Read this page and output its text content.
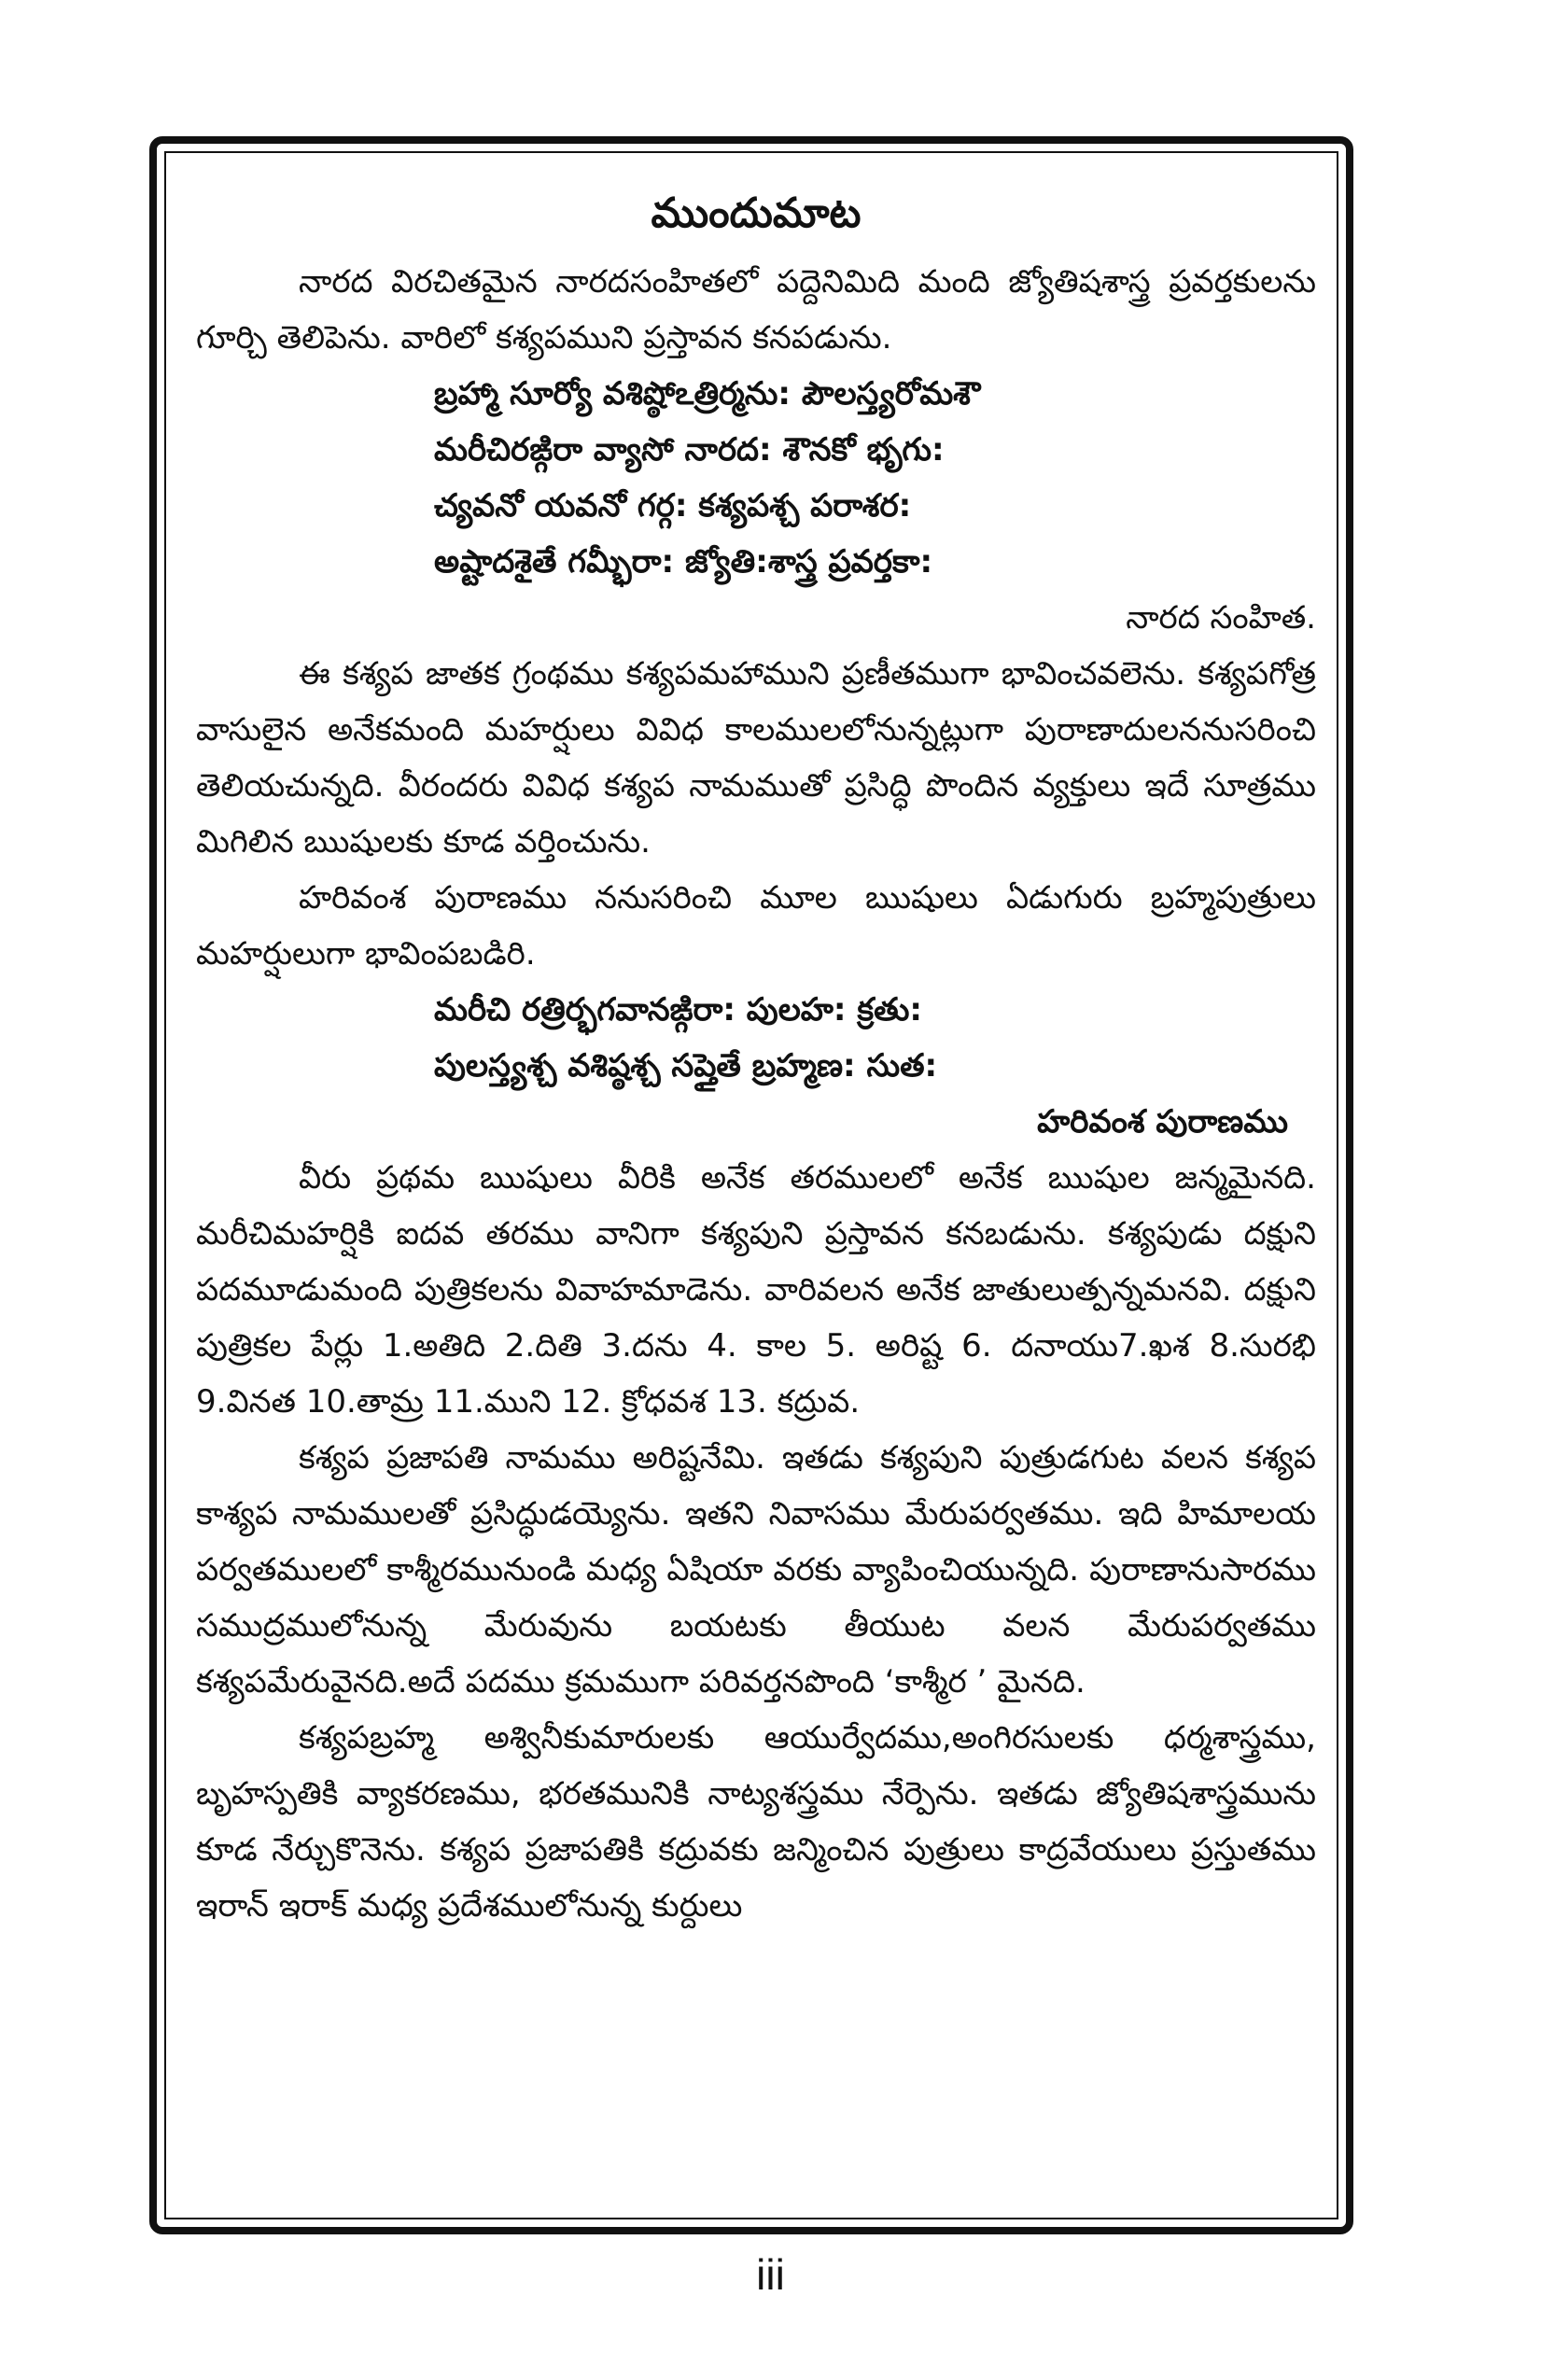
ముందుమాట

నారద విరచితమైన నారదసంహితలో పద్దెనిమిది మంది జ్యోతిషశాస్త్ర ప్రవర్తకులను గూర్చి తెలిపెను. వారిలో కశ్యపముని ప్రస్తావన కనపడును.

బ్రహ్మా సూర్యో వశిష్ఠోఽత్రిర్మను: పౌలస్త్యరోమశౌ
మరీచిరఙ్గిరా వ్యాసో నారద: శౌనకో భృగు:
చ్యవనో యవనో గర్గ: కశ్యపశ్చ పరాశర:
అష్టాదశైతే గమ్భీరా: జ్యోతి:శాస్త్ర ప్రవర్తకా:
నారద సంహిత.

ఈ కశ్యప జాతక గ్రంథము కశ్యపమహాముని ప్రణీతముగా భావించవలెను. కశ్యపగోత్ర వాసులైన అనేకమంది మహర్షులు వివిధ కాలములలోనున్నట్లుగా పురాణాదులననుసరించి తెలియచున్నది. వీరందరు వివిధ కశ్యప నామముతో ప్రసిద్ధి పొందిన వ్యక్తులు ఇదే సూత్రము మిగిలిన ఋషులకు కూడ వర్తించును.

హరివంశ పురాణము ననుసరించి మూల ఋషులు ఏడుగురు బ్రహ్మపుత్రులు మహర్షులుగా భావింపబడిరి.

మరీచి రత్రిర్భగవానఙ్గిరా: పులహ: క్రతు:
పులస్త్యశ్చ వశిష్ఠశ్చ సప్తైతే బ్రహ్మణ: సుత:
హరివంశ పురాణము

వీరు ప్రథమ ఋషులు వీరికి అనేక తరములలో అనేక ఋషుల జన్మమైనది. మరీచిమహర్షికి ఐదవ తరము వానిగా కశ్యపుని ప్రస్తావన కనబడును. కశ్యపుడు దక్షుని పదమూడుమంది పుత్రికలను వివాహమాడెను. వారివలన అనేక జాతులుత్పన్నమనవి. దక్షుని పుత్రికల పేర్లు 1.అతిది 2.దితి 3.దను 4. కాల 5. అరిష్ట 6. దనాయు7.ఖశ 8.సురభి 9.వినత 10.తామ్ర 11.ముని 12. క్రోధవశ 13. కద్రువ.

కశ్యప ప్రజాపతి నామము అరిష్టనేమి. ఇతడు కశ్యపుని పుత్రుడగుట వలన కశ్యప కాశ్యప నామములతో ప్రసిద్ధుడయ్యెను. ఇతని నివాసము మేరుపర్వతము. ఇది హిమాలయ పర్వతములలో కాశ్మీరమునుండి మధ్య ఏషియా వరకు వ్యాపించియున్నది. పురాణానుసారము సముద్రములోనున్న మేరువును బయటకు తీయుట వలన మేరుపర్వతము కశ్యపమేరువైనది.అదే పదము క్రమముగా పరివర్తనపొంది ‘కాశ్మీర ’ మైనది.

కశ్యపబ్రహ్మ అశ్వినీకుమారులకు ఆయుర్వేదము,అంగిరసులకు ధర్మశాస్త్రము, బృహస్పతికి వ్యాకరణము, భరతమునికి నాట్యశస్త్రము నేర్పెను. ఇతడు జ్యోతిషశాస్త్రమును కూడ నేర్చుకొనెను. కశ్యప ప్రజాపతికి కద్రువకు జన్మించిన పుత్రులు కాద్రవేయులు ప్రస్తుతము ఇరాన్ ఇరాక్ మధ్య ప్రదేశములోనున్న కుర్దులు

iii
